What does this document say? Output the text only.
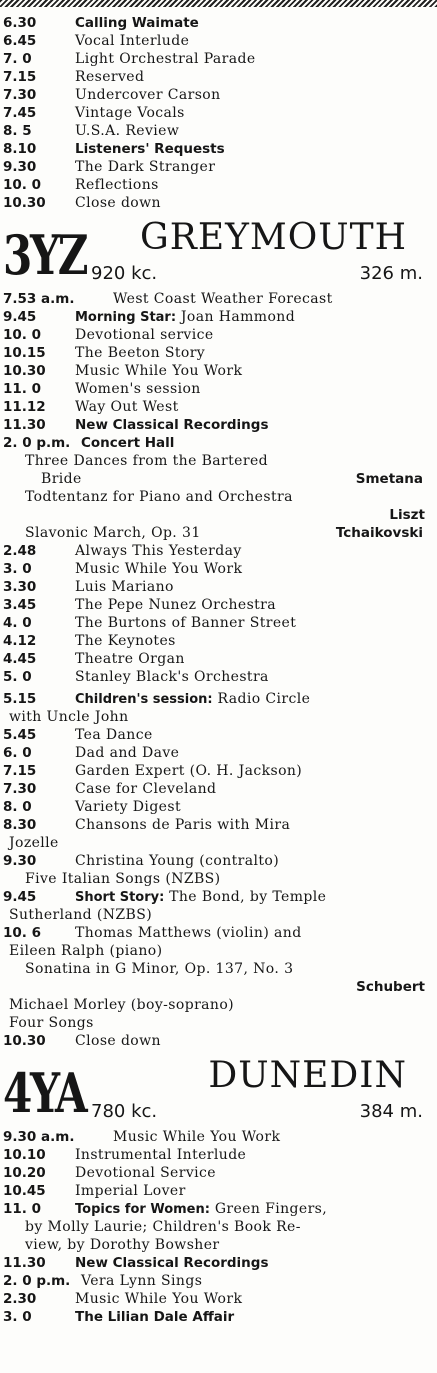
6.30	Calling Waimate
6.45	Vocal Interlude
7. 0	Light Orchestral Parade
7.15	Reserved
7.30	Undercover Carson
7.45	Vintage Vocals
8. 5	U.S.A. Review
8.10	Listeners' Requests
9.30	The Dark Stranger
10. 0	Reflections
10.30	Close down
3YZ GREYMOUTH
920 kc.	326 m.
7.53 a.m.	West Coast Weather Forecast
9.45	Morning Star: Joan Hammond
10. 0	Devotional service
10.15	The Beeton Story
10.30	Music While You Work
11. 0	Women's session
11.12	Way Out West
11.30	New Classical Recordings
2. 0 p.m. Concert Hall
Three Dances from the Bartered
Bride	Smetana
Todtentanz for Piano and Orchestra
Liszt
Slavonic March, Op. 31	Tchaikovski
2.48	Always This Yesterday
3. 0	Music While You Work
3.30	Luis Mariano
3.45	The Pepe Nunez Orchestra
4. 0	The Burtons of Banner Street
4.12	The Keynotes
4.45	Theatre Organ
5. 0	Stanley Black's Orchestra
5.15	Children's session: Radio Circle
with Uncle John
5.45	Tea Dance
6. 0	Dad and Dave
7.15	Garden Expert (O. H. Jackson)
7.30	Case for Cleveland
8. 0	Variety Digest
8.30	Chansons de Paris with Mira
Jozelle
9.30	Christina Young (contralto)
Five Italian Songs (NZBS)
9.45	Short Story: The Bond, by Temple
Sutherland (NZBS)
10. 6	Thomas Matthews (violin) and
Eileen Ralph (piano)
Sonatina in G Minor, Op. 137, No. 3
Schubert
Michael Morley (boy-soprano)
Four Songs
10.30	Close down
4YA	DUNEDIN
780 kc.	384 m.
9.30 a.m.	Music While You Work
10.10	Instrumental Interlude
10.20	Devotional Service
10.45	Imperial Lover
11. 0	Topics for Women: Green Fingers,
by Molly Laurie; Children's Book Re-
view, by Dorothy Bowsher
11.30	New Classical Recordings
2. 0 p.m. Vera Lynn Sings
2.30	Music While You Work
3. 0	The Lilian Dale Affair
